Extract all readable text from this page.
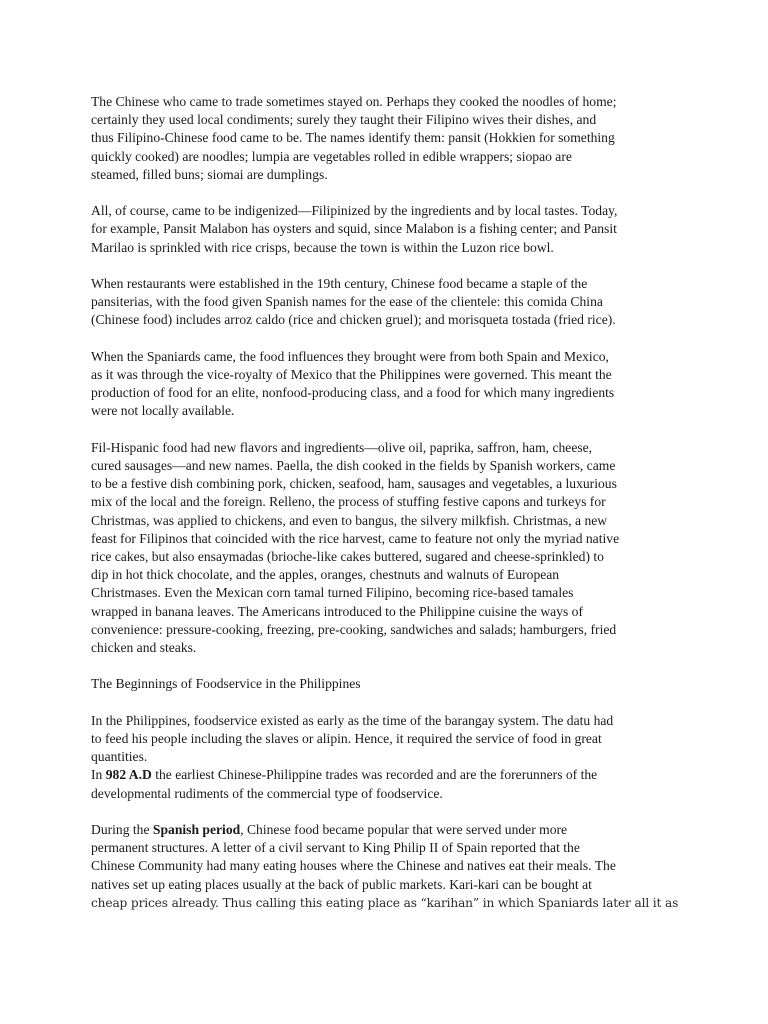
The Chinese who came to trade sometimes stayed on. Perhaps they cooked the noodles of home;
certainly they used local condiments; surely they taught their Filipino wives their dishes, and
thus Filipino-Chinese food came to be. The names identify them: pansit (Hokkien for something
quickly cooked) are noodles; lumpia are vegetables rolled in edible wrappers; siopao are
steamed, filled buns; siomai are dumplings.

All, of course, came to be indigenized—Filipinized by the ingredients and by local tastes. Today,
for example, Pansit Malabon has oysters and squid, since Malabon is a fishing center; and Pansit
Marilao is sprinkled with rice crisps, because the town is within the Luzon rice bowl.

When restaurants were established in the 19th century, Chinese food became a staple of the
pansiterias, with the food given Spanish names for the ease of the clientele: this comida China
(Chinese food) includes arroz caldo (rice and chicken gruel); and morisqueta tostada (fried rice).

When the Spaniards came, the food influences they brought were from both Spain and Mexico,
as it was through the vice-royalty of Mexico that the Philippines were governed. This meant the
production of food for an elite, nonfood-producing class, and a food for which many ingredients
were not locally available.

Fil-Hispanic food had new flavors and ingredients—olive oil, paprika, saffron, ham, cheese,
cured sausages—and new names. Paella, the dish cooked in the fields by Spanish workers, came
to be a festive dish combining pork, chicken, seafood, ham, sausages and vegetables, a luxurious
mix of the local and the foreign. Relleno, the process of stuffing festive capons and turkeys for
Christmas, was applied to chickens, and even to bangus, the silvery milkfish. Christmas, a new
feast for Filipinos that coincided with the rice harvest, came to feature not only the myriad native
rice cakes, but also ensaymadas (brioche-like cakes buttered, sugared and cheese-sprinkled) to
dip in hot thick chocolate, and the apples, oranges, chestnuts and walnuts of European
Christmases. Even the Mexican corn tamal turned Filipino, becoming rice-based tamales
wrapped in banana leaves. The Americans introduced to the Philippine cuisine the ways of
convenience: pressure-cooking, freezing, pre-cooking, sandwiches and salads; hamburgers, fried
chicken and steaks.

The Beginnings of Foodservice in the Philippines

In the Philippines, foodservice existed as early as the time of the barangay system. The datu had
to feed his people including the slaves or alipin. Hence, it required the service of food in great
quantities.

In 982 A.D the earliest Chinese-Philippine trades was recorded and are the forerunners of the
developmental rudiments of the commercial type of foodservice.

During the Spanish period, Chinese food became popular that were served under more
permanent structures. A letter of a civil servant to King Philip II of Spain reported that the
Chinese Community had many eating houses where the Chinese and natives eat their meals. The
natives set up eating places usually at the back of public markets. Kari-kari can be bought at

cheap prices already. Thus calling this eating place as “karihan” in which Spaniards later all it as
